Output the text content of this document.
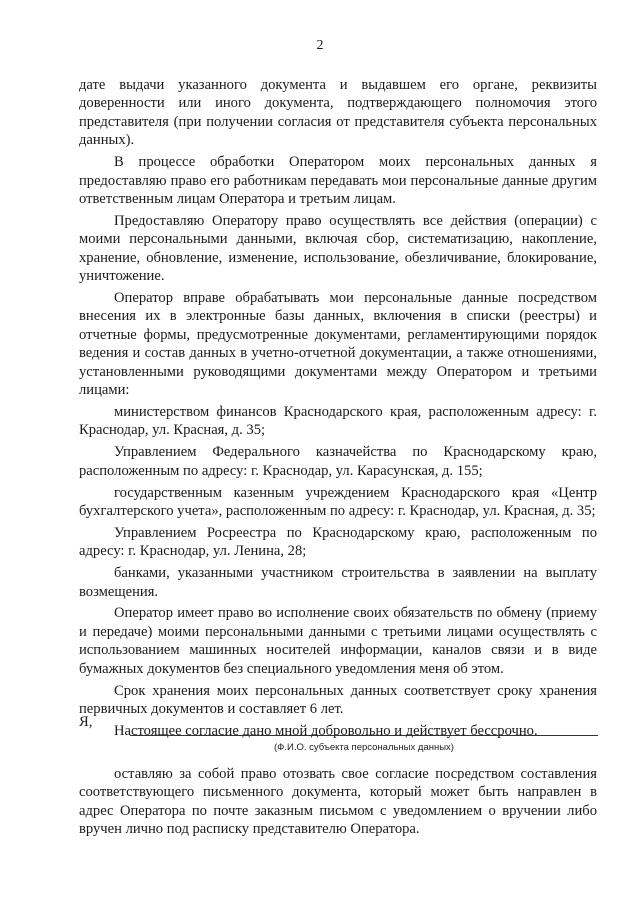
2

дате выдачи указанного документа и выдавшем его органе, реквизиты доверенности или иного документа, подтверждающего полномочия этого представителя (при получении согласия от представителя субъекта персональных данных).

В процессе обработки Оператором моих персональных данных я предоставляю право его работникам передавать мои персональные данные другим ответственным лицам Оператора и третьим лицам.

Предоставляю Оператору право осуществлять все действия (операции) с моими персональными данными, включая сбор, систематизацию, накопление, хранение, обновление, изменение, использование, обезличивание, блокирование, уничтожение.

Оператор вправе обрабатывать мои персональные данные посредством внесения их в электронные базы данных, включения в списки (реестры) и отчетные формы, предусмотренные документами, регламентирующими порядок ведения и состав данных в учетно-отчетной документации, а также отношениями, установленными руководящими документами между Оператором и третьими лицами:

министерством финансов Краснодарского края, расположенным адресу: г. Краснодар, ул. Красная, д. 35;

Управлением Федерального казначейства по Краснодарскому краю, расположенным по адресу: г. Краснодар, ул. Карасунская, д. 155;

государственным казенным учреждением Краснодарского края «Центр бухгалтерского учета», расположенным по адресу: г. Краснодар, ул. Красная, д. 35;

Управлением Росреестра по Краснодарскому краю, расположенным по адресу: г. Краснодар, ул. Ленина, 28;

банками, указанными участником строительства в заявлении на выплату возмещения.

Оператор имеет право во исполнение своих обязательств по обмену (приему и передаче) моими персональными данными с третьими лицами осуществлять с использованием машинных носителей информации, каналов связи и в виде бумажных документов без специального уведомления меня об этом.

Срок хранения моих персональных данных соответствует сроку хранения первичных документов и составляет 6 лет.

Настоящее согласие дано мной добровольно и действует бессрочно.

Я,
(Ф.И.О. субъекта персональных данных)

оставляю за собой право отозвать свое согласие посредством составления соответствующего письменного документа, который может быть направлен в адрес Оператора по почте заказным письмом с уведомлением о вручении либо вручен лично под расписку представителю Оператора.
